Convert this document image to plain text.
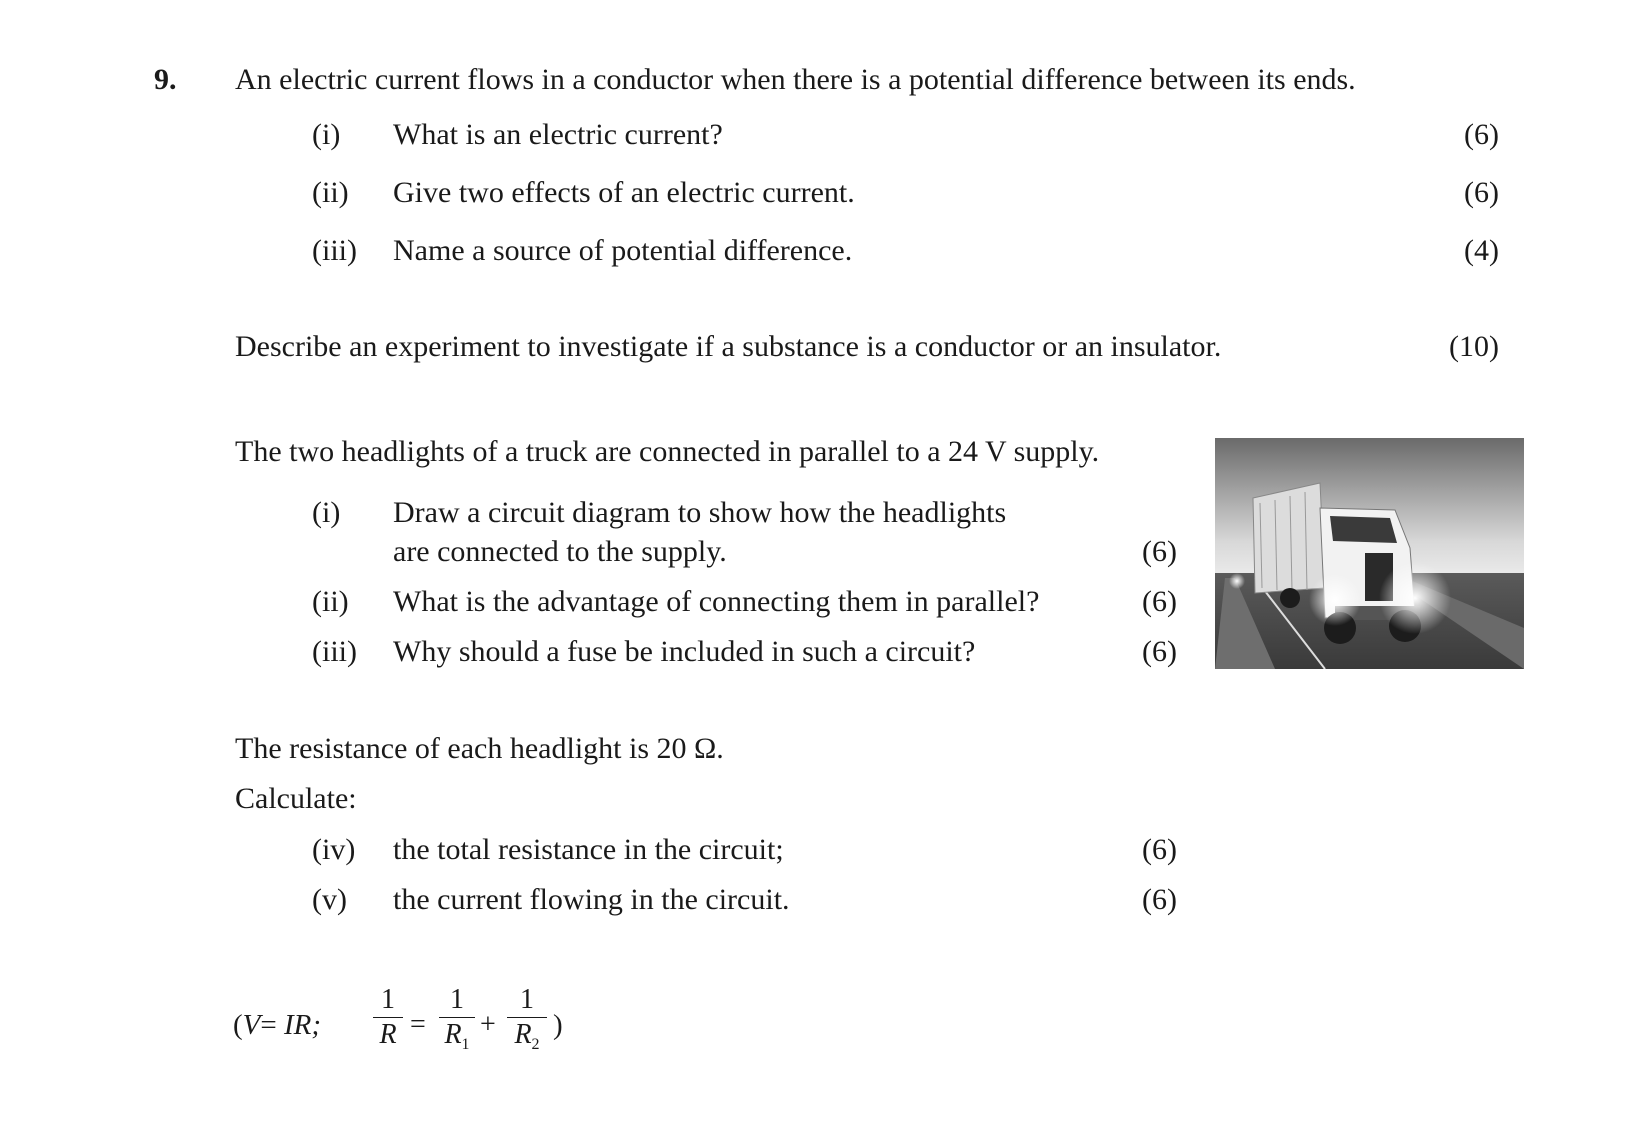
9. An electric current flows in a conductor when there is a potential difference between its ends.
(i) What is an electric current?	(6)
(ii) Give two effects of an electric current.	(6)
(iii) Name a source of potential difference.	(4)
Describe an experiment to investigate if a substance is a conductor or an insulator.	(10)
The two headlights of a truck are connected in parallel to a 24 V supply.
(i) Draw a circuit diagram to show how the headlights
are connected to the supply.	(6)
(ii) What is the advantage of connecting them in parallel?	(6)
(iii) Why should a fuse be included in such a circuit?	(6)
The resistance of each headlight is 20 Ω.
Calculate:
(iv) the total resistance in the circuit;	(6)
(v) the current flowing in the circuit.	(6)
(V= IR;
1
R =
1
$R_1$
+
1
$R_2$
)
